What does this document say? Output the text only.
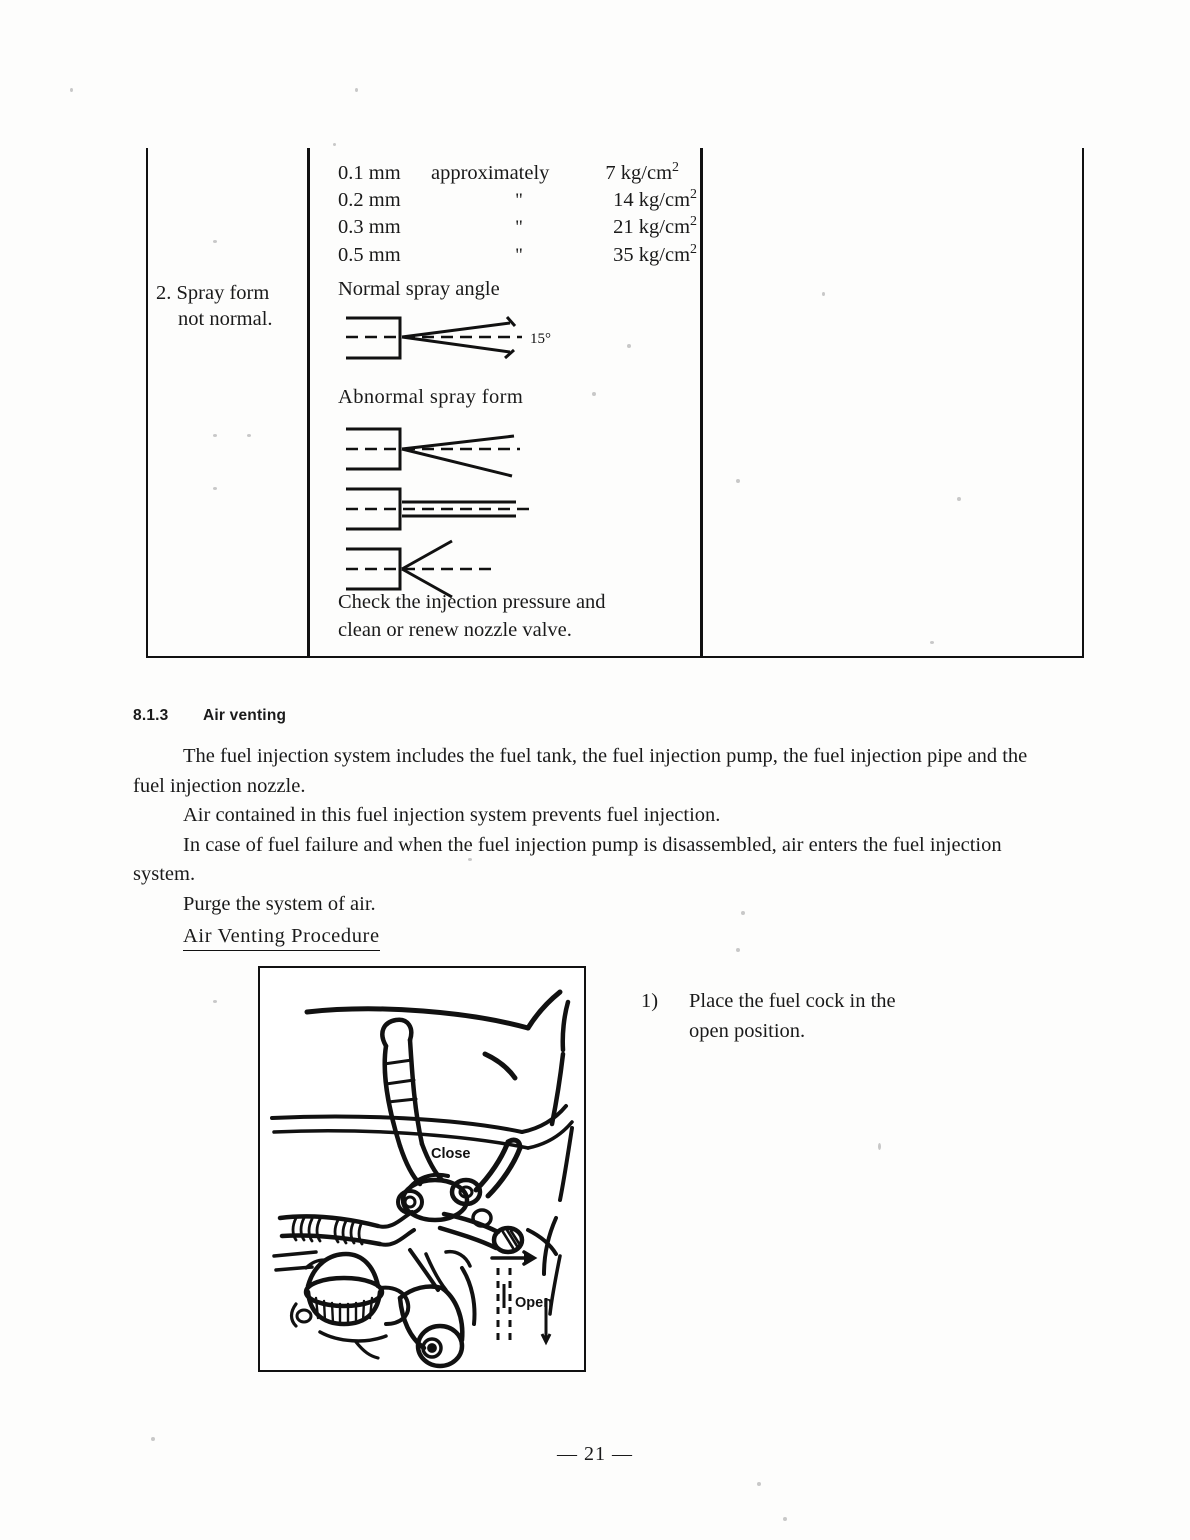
2. Spray form
not normal.
0.1 mm	approximately	7 $kg/cm^2$
0.2 mm	"	14 $kg/cm^2$
0.3 mm	"	21 $kg/cm^2$
0.5 mm	"	35 $kg/cm^2$
Normal spray angle
15°
Abnormal spray form
Check the injection pressure and
clean or renew nozzle valve.
8.1.3 Air venting

The fuel injection system includes the fuel tank, the fuel injection pump, the fuel injection pipe and the fuel injection nozzle.

Air contained in this fuel injection system prevents fuel injection.

In case of fuel failure and when the fuel injection pump is disassembled, air enters the fuel injection system.

Purge the system of air.

Air Venting Procedure
Close
Open
1)	Place the fuel cock in the open position.
— 21 —
